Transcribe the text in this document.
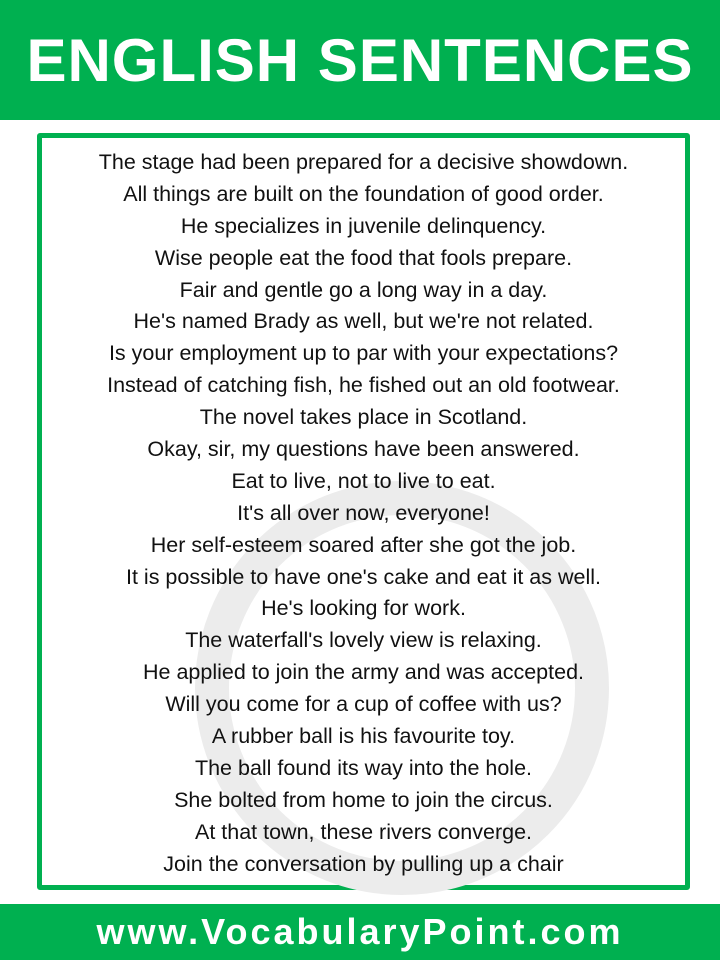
ENGLISH SENTENCES
The stage had been prepared for a decisive showdown.
All things are built on the foundation of good order.
He specializes in juvenile delinquency.
Wise people eat the food that fools prepare.
Fair and gentle go a long way in a day.
He's named Brady as well, but we're not related.
Is your employment up to par with your expectations?
Instead of catching fish, he fished out an old footwear.
The novel takes place in Scotland.
Okay, sir, my questions have been answered.
Eat to live, not to live to eat.
It's all over now, everyone!
Her self-esteem soared after she got the job.
It is possible to have one's cake and eat it as well.
He's looking for work.
The waterfall's lovely view is relaxing.
He applied to join the army and was accepted.
Will you come for a cup of coffee with us?
A rubber ball is his favourite toy.
The ball found its way into the hole.
She bolted from home to join the circus.
At that town, these rivers converge.
Join the conversation by pulling up a chair
www.VocabularyPoint.com
